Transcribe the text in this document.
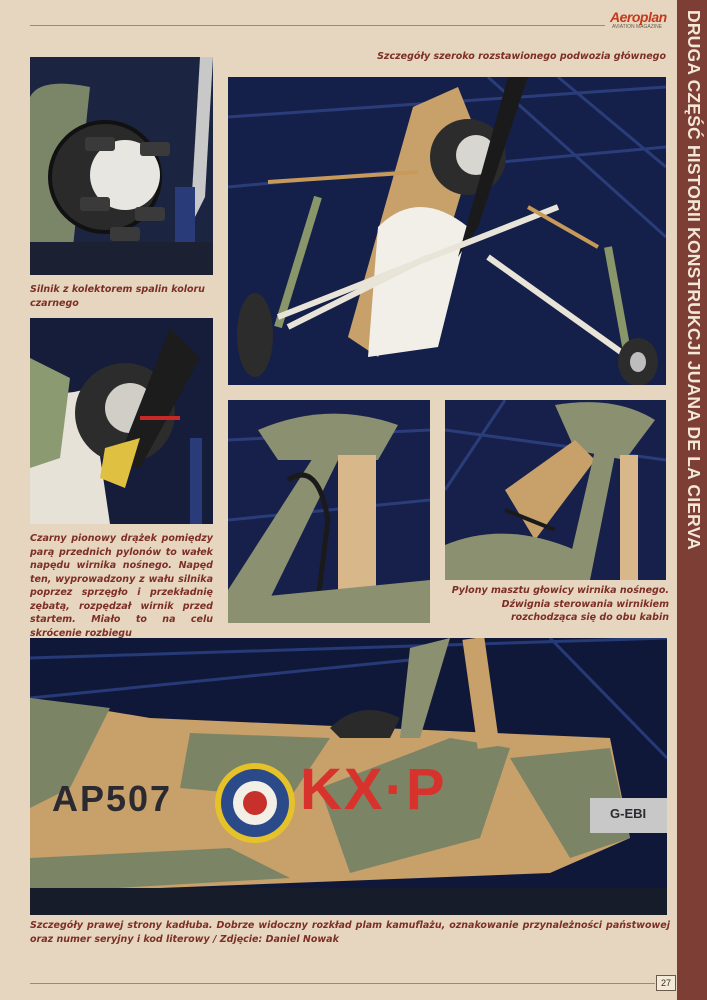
Aeroplan
AVIATION MAGAZINE
Szczegóły szeroko rozstawionego podwozia głównego
Silnik z kolektorem spalin koloru czarnego
Czarny pionowy drążek pomiędzy parą przednich pylonów to wałek napędu wirnika nośnego. Napęd ten, wyprowadzony z wału silnika poprzez sprzęgło i przekładnię zębatą, rozpędzał wirnik przed startem. Miało to na celu skrócenie rozbiegu
Pylony masztu głowicy wirnika nośnego. Dźwignia sterowania wirnikiem rozchodząca się do obu kabin
AP507 KX·P	G-EBI
Szczegóły prawej strony kadłuba. Dobrze widoczny rozkład plam kamuflażu, oznakowanie przynależności państwowej oraz numer seryjny i kod literowy / Zdjęcie: Daniel Nowak
27
